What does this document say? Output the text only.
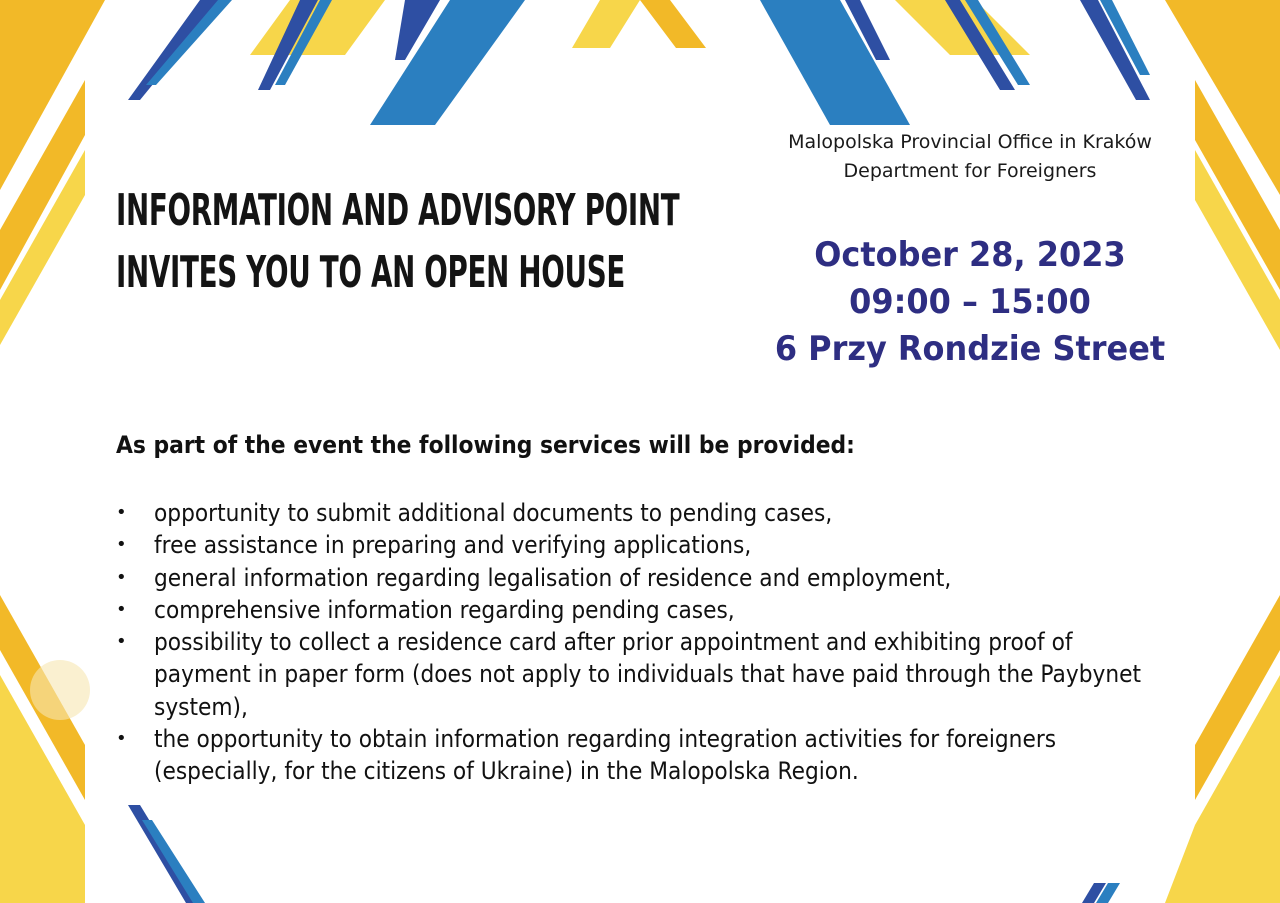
Malopolska Provincial Office in Kraków
Department for Foreigners
INFORMATION AND ADVISORY POINT
INVITES YOU TO AN OPEN HOUSE	October 28, 2023
09:00 – 15:00
6 Przy Rondzie Street
As part of the event the following services will be provided:
• opportunity to submit additional documents to pending cases,
• free assistance in preparing and verifying applications,
• general information regarding legalisation of residence and employment,
• comprehensive information regarding pending cases,
• possibility to collect a residence card after prior appointment and exhibiting proof of payment in paper form (does not apply to individuals that have paid through the Paybynet system),
• the opportunity to obtain information regarding integration activities for foreigners (especially, for the citizens of Ukraine) in the Malopolska Region.
